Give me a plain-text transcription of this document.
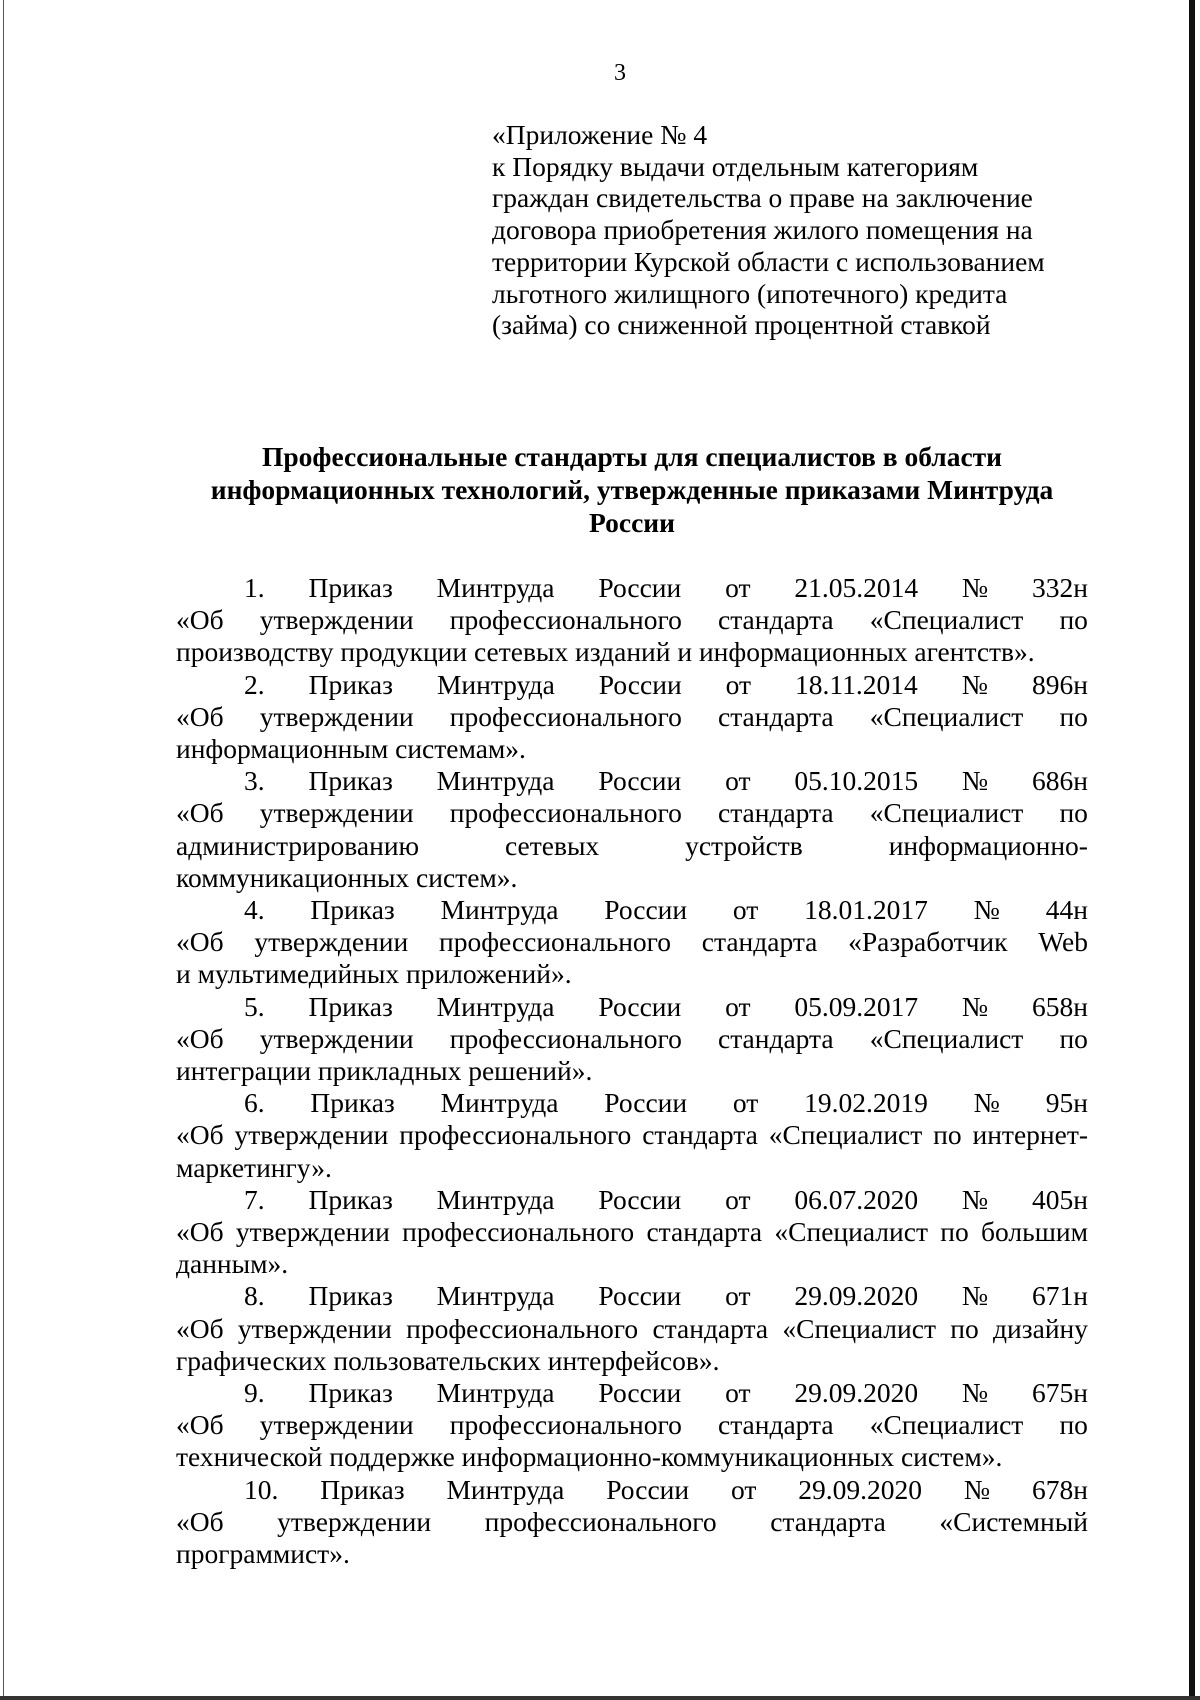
3
«Приложение № 4
к Порядку выдачи отдельным категориям
граждан свидетельства о праве на заключение
договора приобретения жилого помещения на
территории Курской области с использованием
льготного жилищного (ипотечного) кредита
(займа) со сниженной процентной ставкой
Профессиональные стандарты для специалистов в области
информационных технологий, утвержденные приказами Минтруда
России
1. Приказ Минтруда России от 21.05.2014 № 332н
«Об утверждении профессионального стандарта «Специалист по
производству продукции сетевых изданий и информационных агентств».
2. Приказ Минтруда России от 18.11.2014 № 896н
«Об утверждении профессионального стандарта «Специалист по
информационным системам».
3. Приказ Минтруда России от 05.10.2015 № 686н
«Об утверждении профессионального стандарта «Специалист по
администрированию	сетевых	устройств	информационно-
коммуникационных систем».
4. Приказ Минтруда России от 18.01.2017 № 44н
«Об утверждении профессионального стандарта «Разработчик Web
и мультимедийных приложений».
5. Приказ Минтруда России от 05.09.2017 № 658н
«Об утверждении профессионального стандарта «Специалист по
интеграции прикладных решений».
6. Приказ Минтруда России от 19.02.2019 № 95н
«Об утверждении профессионального стандарта «Специалист по интернет-
маркетингу».
7. Приказ Минтруда России от 06.07.2020 № 405н
«Об утверждении профессионального стандарта «Специалист по большим
данным».
8. Приказ Минтруда России от 29.09.2020 № 671н
«Об утверждении профессионального стандарта «Специалист по дизайну
графических пользовательских интерфейсов».
9. Приказ Минтруда России от 29.09.2020 № 675н
«Об утверждении профессионального стандарта «Специалист по
технической поддержке информационно-коммуникационных систем».
10. Приказ Минтруда России от 29.09.2020 № 678н
«Об утверждении профессионального стандарта «Системный
программист».
